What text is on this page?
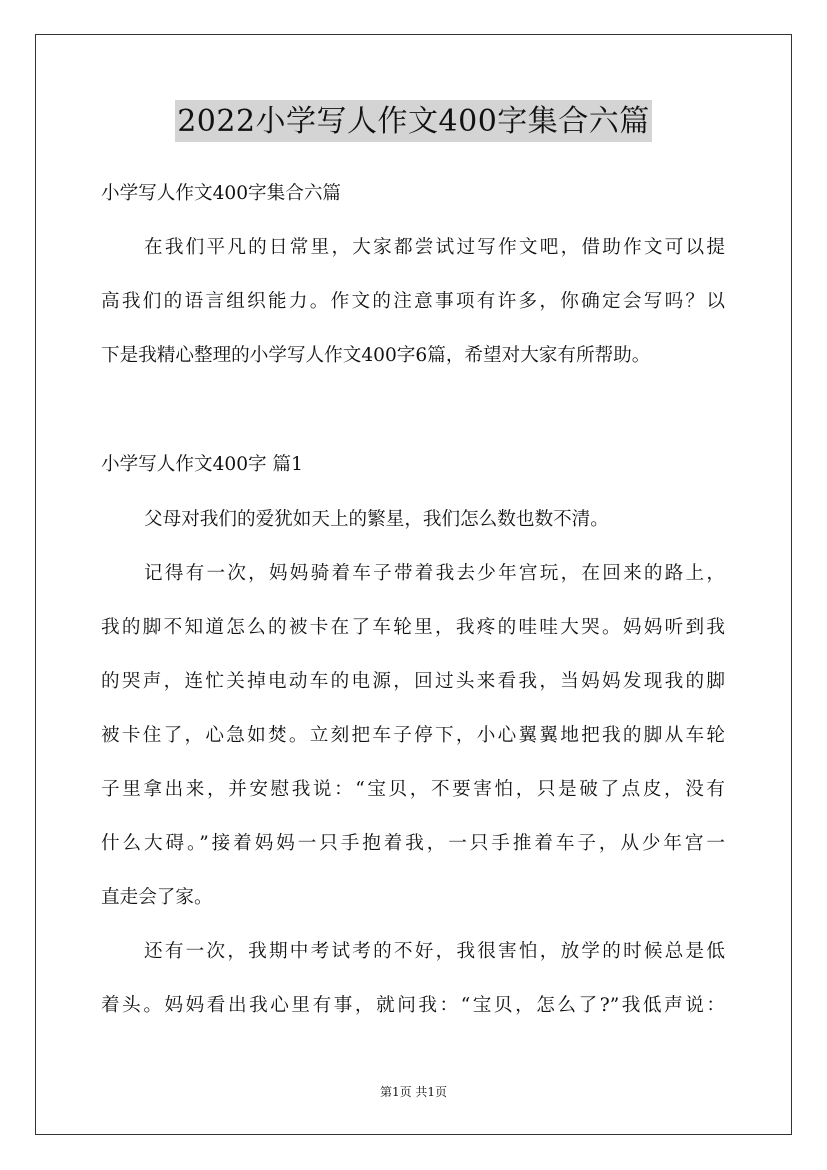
2022小学写人作文400字集合六篇
小学写人作文400字集合六篇
在我们平凡的日常里，大家都尝试过写作文吧，借助作文可以提
高我们的语言组织能力。作文的注意事项有许多，你确定会写吗？以
下是我精心整理的小学写人作文400字6篇，希望对大家有所帮助。
小学写人作文400字 篇1
父母对我们的爱犹如天上的繁星，我们怎么数也数不清。
记得有一次，妈妈骑着车子带着我去少年宫玩，在回来的路上，
我的脚不知道怎么的被卡在了车轮里，我疼的哇哇大哭。妈妈听到我
的哭声，连忙关掉电动车的电源，回过头来看我，当妈妈发现我的脚
被卡住了，心急如焚。立刻把车子停下，小心翼翼地把我的脚从车轮
子里拿出来，并安慰我说：“宝贝，不要害怕，只是破了点皮，没有
什么大碍。”接着妈妈一只手抱着我，一只手推着车子，从少年宫一
直走会了家。
还有一次，我期中考试考的不好，我很害怕，放学的时候总是低
着头。妈妈看出我心里有事，就问我：“宝贝，怎么了?”我低声说：
第1页 共1页
